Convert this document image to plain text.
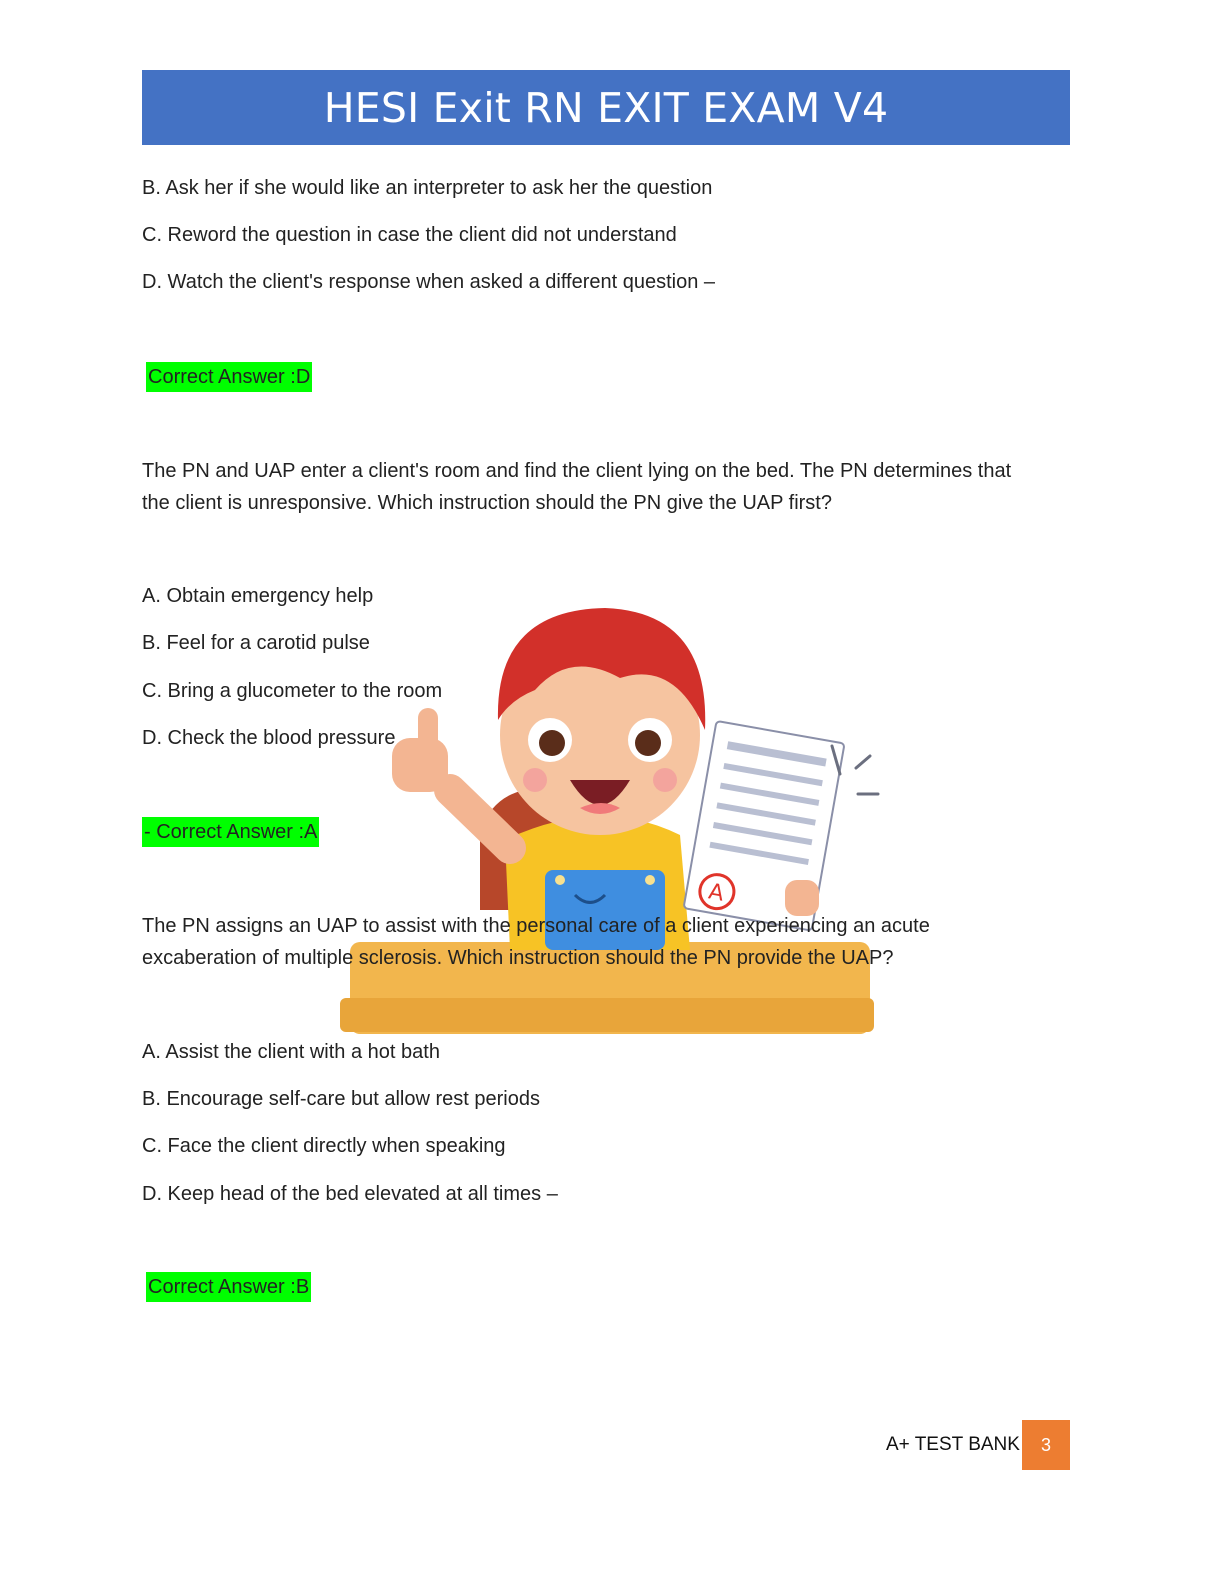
HESI Exit RN EXIT EXAM V4
B. Ask her if she would like an interpreter to ask her the question
C. Reword the question in case the client did not understand
D. Watch the client's response when asked a different question –
Correct Answer :D
The PN and UAP enter a client's room and find the client lying on the bed. The PN determines that the client is unresponsive. Which instruction should the PN give the UAP first?
A. Obtain emergency help
B. Feel for a carotid pulse
C. Bring a glucometer to the room
D. Check the blood pressure
- Correct Answer :A
The PN assigns an UAP to assist with the personal care of a client experiencing an acute excaberation of multiple sclerosis. Which instruction should the PN provide the UAP?
A. Assist the client with a hot bath
B. Encourage self-care but allow rest periods
C. Face the client directly when speaking
D. Keep head of the bed elevated at all times –
Correct Answer :B
A
A+ TEST BANK 3
